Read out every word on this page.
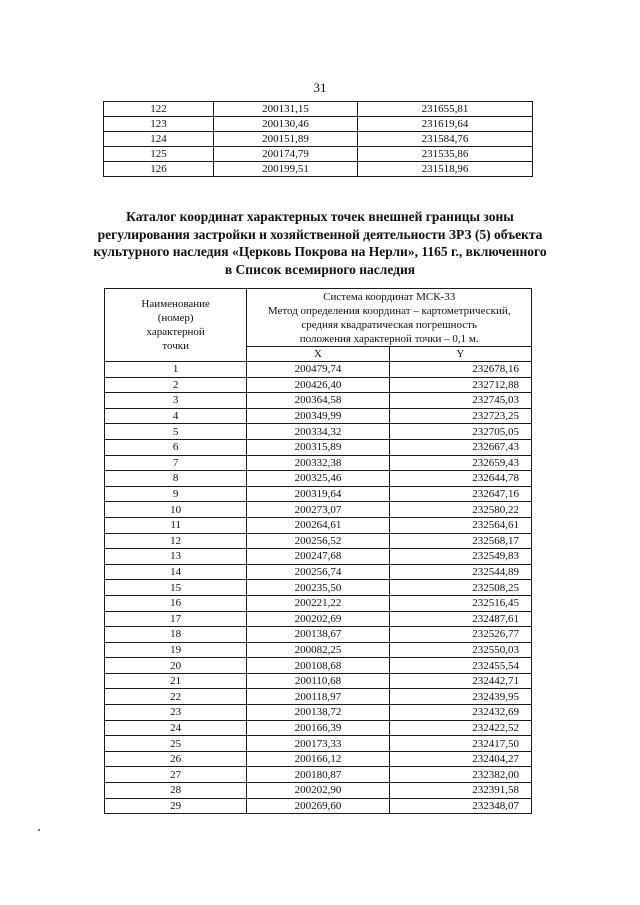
31
122	200131,15	231655,81
123	200130,46	231619,64
124	200151,89	231584,76
125	200174,79	231535,86
126	200199,51	231518,96
Каталог координат характерных точек внешней границы зоны
регулирования застройки и хозяйственной деятельности ЗРЗ (5) объекта
культурного наследия «Церковь Покрова на Нерли», 1165 г., включенного
в Список всемирного наследия
Наименование
(номер)
характерной
точки	Система координат МСК-33
Метод определения координат – картометрический,
средняя квадратическая погрешность
положения характерной точки – 0,1 м.	

	X	Y
1	200479,74	232678,16
2	200426,40	232712,88
3	200364,58	232745,03
4	200349,99	232723,25
5	200334,32	232705,05
6	200315,89	232667,43
7	200332,38	232659,43
8	200325,46	232644,78
9	200319,64	232647,16
10	200273,07	232580,22
11	200264,61	232564,61
12	200256,52	232568,17
13	200247,68	232549,83
14	200256,74	232544,89
15	200235,50	232508,25
16	200221,22	232516,45
17	200202,69	232487,61
18	200138,67	232526,77
19	200082,25	232550,03
20	200108,68	232455,54
21	200110,68	232442,71
22	200118,97	232439,95
23	200138,72	232432,69
24	200166,39	232422,52
25	200173,33	232417,50
26	200166,12	232404,27
27	200180,87	232382,00
28	200202,90	232391,58
29	200269,60	232348,07
